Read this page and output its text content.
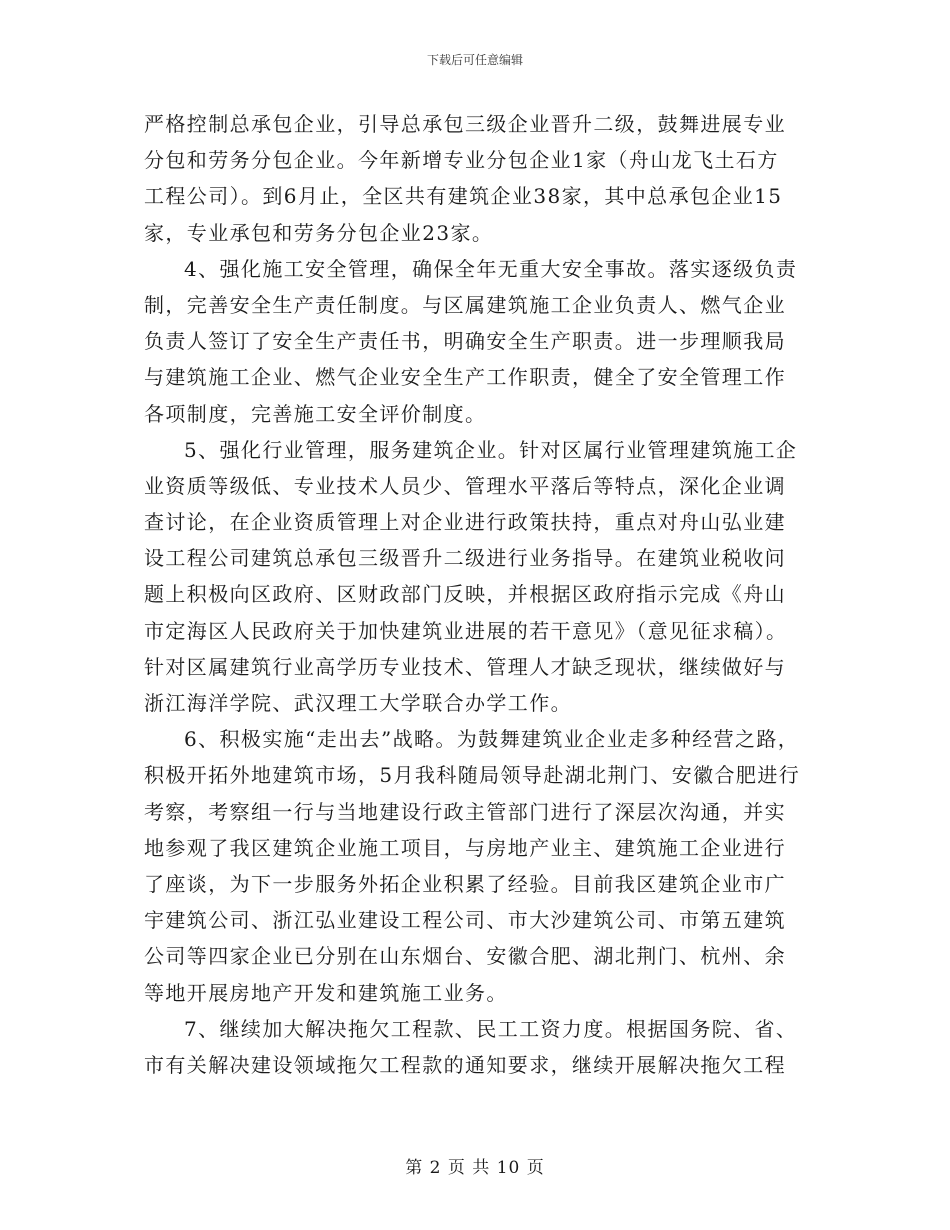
下载后可任意编辑
严格控制总承包企业，引导总承包三级企业晋升二级，鼓舞进展专业
分包和劳务分包企业。今年新增专业分包企业1家（舟山龙飞土石方
工程公司）。到6月止，全区共有建筑企业38家，其中总承包企业15
家，专业承包和劳务分包企业23家。
4、强化施工安全管理，确保全年无重大安全事故。落实逐级负责
制，完善安全生产责任制度。与区属建筑施工企业负责人、燃气企业
负责人签订了安全生产责任书，明确安全生产职责。进一步理顺我局
与建筑施工企业、燃气企业安全生产工作职责，健全了安全管理工作
各项制度，完善施工安全评价制度。
5、强化行业管理，服务建筑企业。针对区属行业管理建筑施工企
业资质等级低、专业技术人员少、管理水平落后等特点，深化企业调
查讨论，在企业资质管理上对企业进行政策扶持，重点对舟山弘业建
设工程公司建筑总承包三级晋升二级进行业务指导。在建筑业税收问
题上积极向区政府、区财政部门反映，并根据区政府指示完成《舟山
市定海区人民政府关于加快建筑业进展的若干意见》（意见征求稿）。
针对区属建筑行业高学历专业技术、管理人才缺乏现状，继续做好与
浙江海洋学院、武汉理工大学联合办学工作。
6、积极实施“走出去”战略。为鼓舞建筑业企业走多种经营之路，
积极开拓外地建筑市场，5月我科随局领导赴湖北荆门、安徽合肥进行
考察，考察组一行与当地建设行政主管部门进行了深层次沟通，并实
地参观了我区建筑企业施工项目，与房地产业主、建筑施工企业进行
了座谈，为下一步服务外拓企业积累了经验。目前我区建筑企业市广
宇建筑公司、浙江弘业建设工程公司、市大沙建筑公司、市第五建筑
公司等四家企业已分别在山东烟台、安徽合肥、湖北荆门、杭州、余
等地开展房地产开发和建筑施工业务。
7、继续加大解决拖欠工程款、民工工资力度。根据国务院、省、
市有关解决建设领域拖欠工程款的通知要求，继续开展解决拖欠工程
第 2 页 共 10 页
